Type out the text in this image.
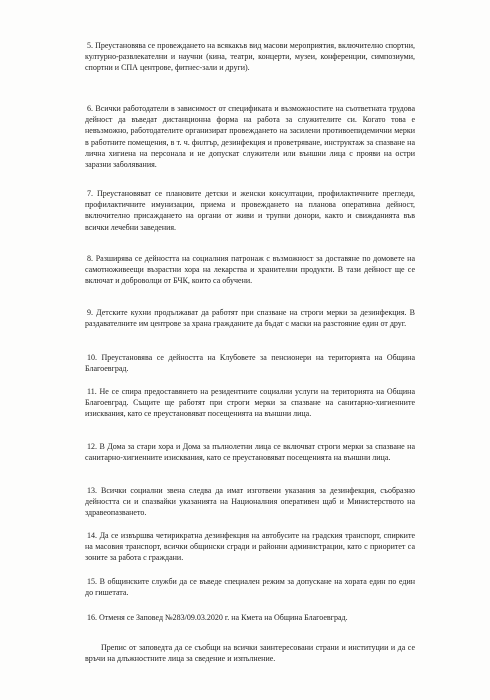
5. Преустановява се провеждането на всякакъв вид масови мероприятия, включително спортни, културно-развлекателни и научни (кина, театри, концерти, музеи, конференции, симпозиуми, спортни и СПА центрове, фитнес-зали и други).

6. Всички работодатели в зависимост от спецификата и възможностите на съответната трудова дейност да въведат дистанционна форма на работа за служителите си. Когато това е невъзможно, работодателите организират провеждането на засилени противоепидемични мерки в работните помещения, в т. ч. филтър, дезинфекция и проветряване, инструктаж за спазване на лична хигиена на персонала и не допускат служители или външни лица с прояви на остри заразни заболявания.

7. Преустановяват се плановите детски и женски консултации, профилактичните прегледи, профилактичните имунизации, приема и провеждането на планова оперативна дейност, включително присаждането на органи от живи и трупни донори, както и свижданията във всички лечебни заведения.

8. Разширява се дейността на социалния патронаж с възможност за доставяне по домовете на самотноживеещи възрастни хора на лекарства и хранителни продукти. В тази дейност ще се включат и доброволци от БЧК, които са обучени.

9. Детските кухни продължават да работят при спазване на строги мерки за дезинфекция. В раздавателните им центрове за храна гражданите да бъдат с маски на разстояние един от друг.

10. Преустановява се дейността на Клубовете за пенсионери на територията на Община Благоевград.

11. Не се спира предоставянето на резидентните социални услуги на територията на Община Благоевград. Същите ще работят при строги мерки за спазване на санитарно-хигиенните изисквания, като се преустановяват посещенията на външни лица.

12. В Дома за стари хора и Дома за пълнолетни лица се включват строги мерки за спазване на санитарно-хигиенните изисквания, като се преустановяват посещенията на външни лица.

13. Всички социални звена следва да имат изготвени указания за дезинфекция, съобразно дейността си и спазвайки указанията на Националния оперативен щаб и Министерството на здравеопазването.

14. Да се извършва четирикратна дезинфекция на автобусите на градския транспорт, спирките на масовия транспорт, всички общински сгради и районни администрации, като с приоритет са зоните за работа с граждани.

15. В общинските служби да се въведе специален режим за допускане на хората един по един до гишетата.

16. Отменя се Заповед №283/09.03.2020 г. на Кмета на Община Благоевград.

Препис от заповедта да се съобщи на всички заинтересовани страни и институции и да се връчи на длъжностните лица за сведение и изпълнение.
